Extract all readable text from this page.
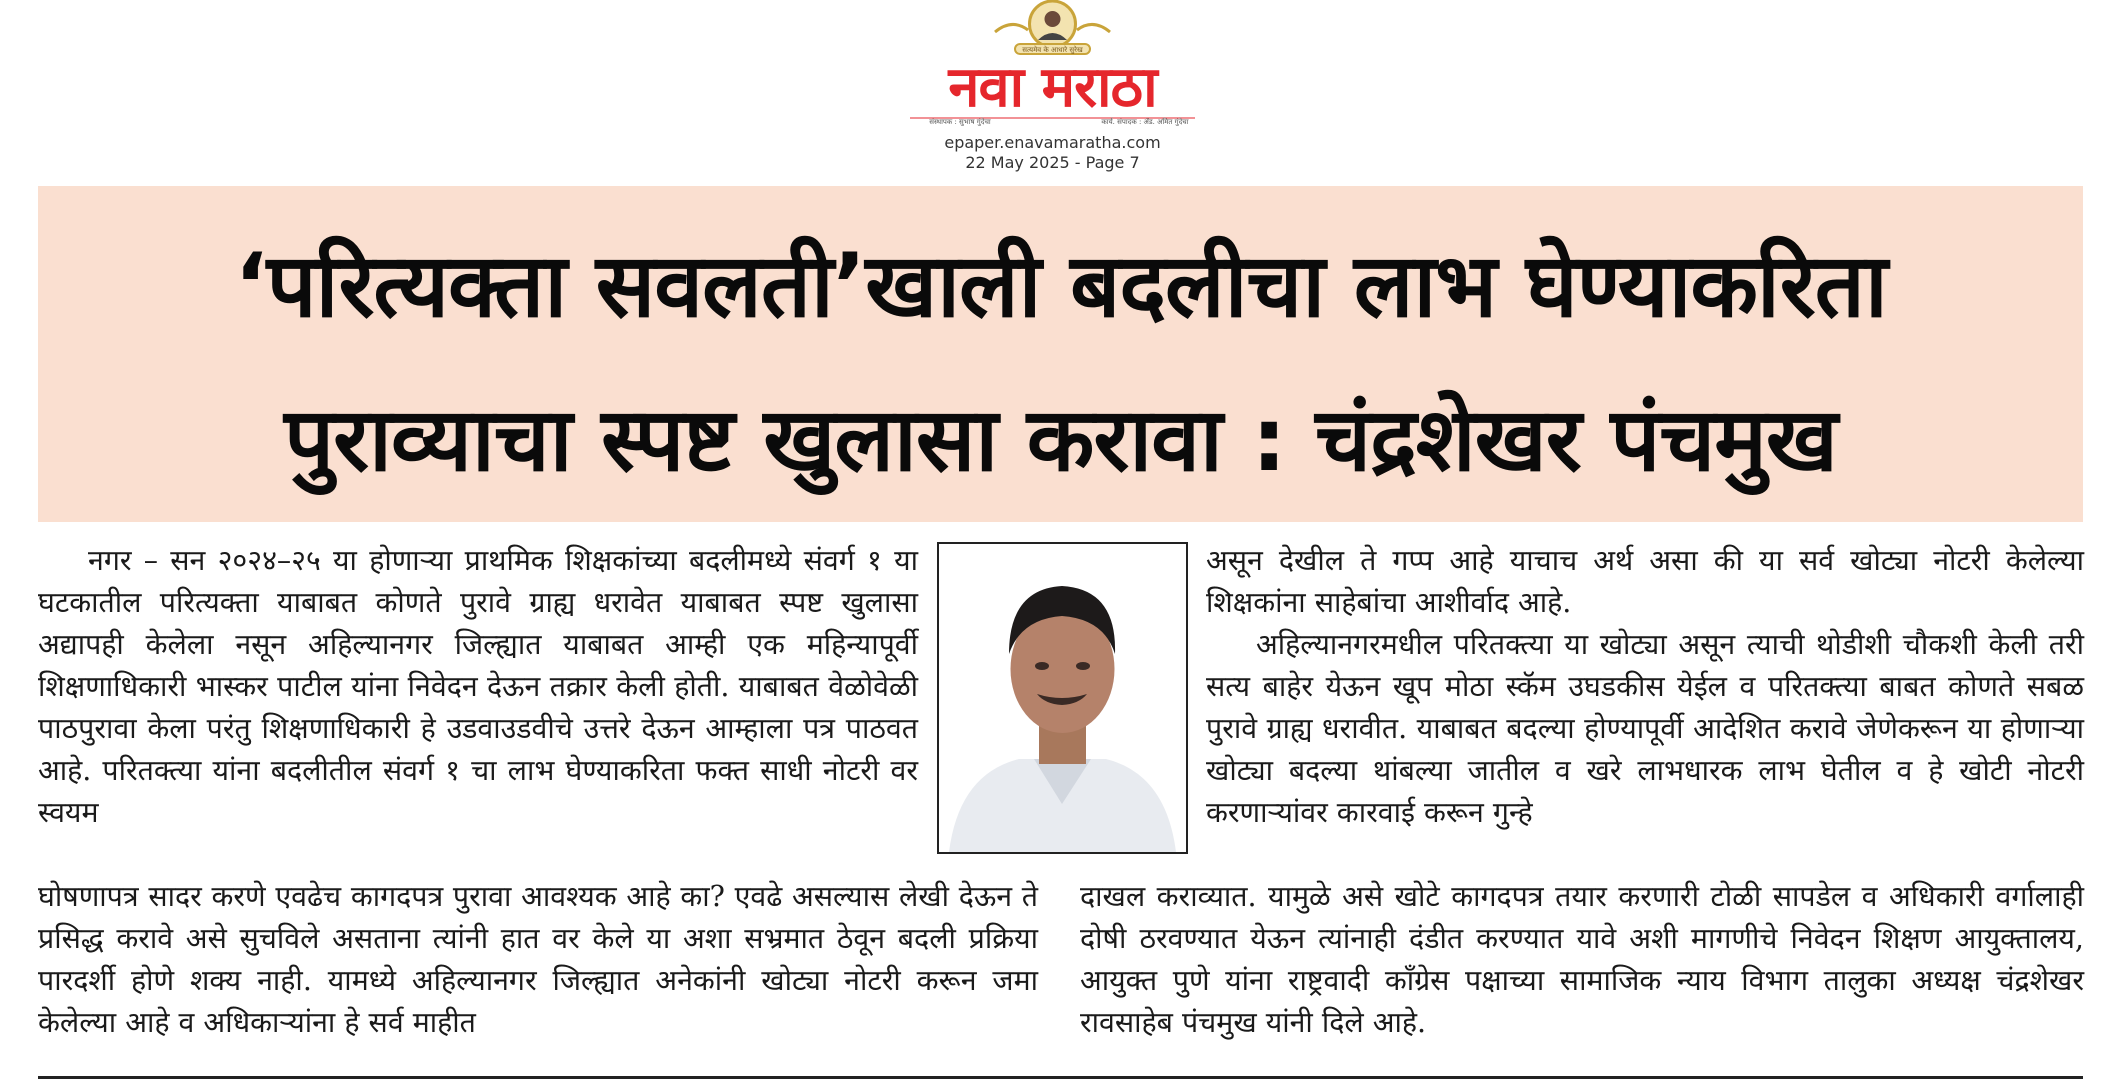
सत्यमेव के आधारे सुरेख
नवा मराठा
संस्थापक : सुभाष गुंदेचा	कार्य. संपादक : ॲड. अमित गुंदेचा
epaper.enavamaratha.com
22 May 2025 - Page 7
‘परित्यक्ता सवलती’खाली बदलीचा लाभ घेण्याकरिता
पुराव्याचा स्पष्ट खुलासा करावा : चंद्रशेखर पंचमुख

नगर – सन २०२४–२५ या होणाऱ्या प्राथमिक शिक्षकांच्या बदलीमध्ये संवर्ग १ या घटकातील परित्यक्ता याबाबत कोणते पुरावे ग्राह्य धरावेत याबाबत स्पष्ट खुलासा अद्यापही केलेला नसून अहिल्यानगर जिल्ह्यात याबाबत आम्ही एक महिन्यापूर्वी शिक्षणाधिकारी भास्कर पाटील यांना निवेदन देऊन तक्रार केली होती. याबाबत वेळोवेळी पाठपुरावा केला परंतु शिक्षणाधिकारी हे उडवाउडवीचे उत्तरे देऊन आम्हाला पत्र पाठवत आहे. परितक्त्या यांना बदलीतील संवर्ग १ चा लाभ घेण्याकरिता फक्त साधी नोटरी वर स्वयम

घोषणापत्र सादर करणे एवढेच कागदपत्र पुरावा आवश्यक आहे का? एवढे असल्यास लेखी देऊन ते प्रसिद्ध करावे असे सुचविले असताना त्यांनी हात वर केले या अशा सभ्रमात ठेवून बदली प्रक्रिया पारदर्शी होणे शक्य नाही. यामध्ये अहिल्यानगर जिल्ह्यात अनेकांनी खोट्या नोटरी करून जमा केलेल्या आहे व अधिकाऱ्यांना हे सर्व माहीत

असून देखील ते गप्प आहे याचाच अर्थ असा की या सर्व खोट्या नोटरी केलेल्या शिक्षकांना साहेबांचा आशीर्वाद आहे.

अहिल्यानगरमधील परितक्त्या या खोट्या असून त्याची थोडीशी चौकशी केली तरी सत्य बाहेर येऊन खूप मोठा स्कॅम उघडकीस येईल व परितक्त्या बाबत कोणते सबळ पुरावे ग्राह्य धरावीत. याबाबत बदल्या होण्यापूर्वी आदेशित करावे जेणेकरून या होणाऱ्या खोट्या बदल्या थांबल्या जातील व खरे लाभधारक लाभ घेतील व हे खोटी नोटरी करणाऱ्यांवर कारवाई करून गुन्हे

दाखल कराव्यात. यामुळे असे खोटे कागदपत्र तयार करणारी टोळी सापडेल व अधिकारी वर्गालाही दोषी ठरवण्यात येऊन त्यांनाही दंडीत करण्यात यावे अशी मागणीचे निवेदन शिक्षण आयुक्तालय, आयुक्त पुणे यांना राष्ट्रवादी काँग्रेस पक्षाच्या सामाजिक न्याय विभाग तालुका अध्यक्ष चंद्रशेखर रावसाहेब पंचमुख यांनी दिले आहे.
